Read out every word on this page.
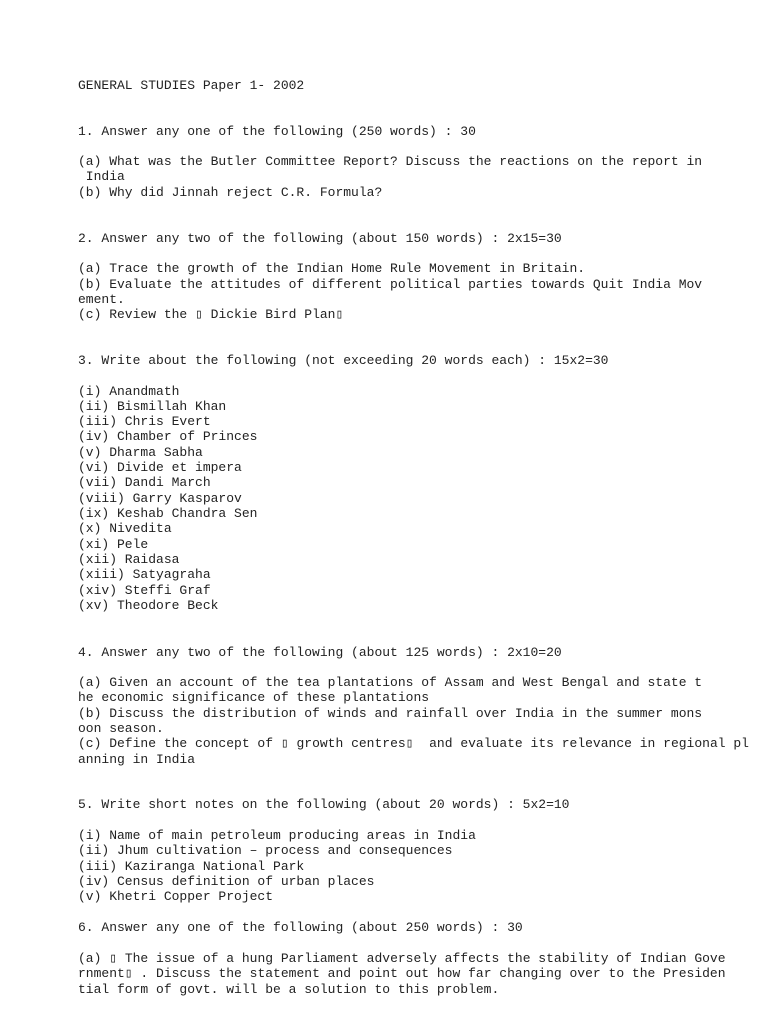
GENERAL STUDIES Paper 1- 2002

1. Answer any one of the following (250 words) : 30

(a) What was the Butler Committee Report? Discuss the reactions on the report in

India

(b) Why did Jinnah reject C.R. Formula?

2. Answer any two of the following (about 150 words) : 2x15=30

(a) Trace the growth of the Indian Home Rule Movement in Britain.

(b) Evaluate the attitudes of different political parties towards Quit India Mov

ement.

(c) Review the ▯ Dickie Bird Plan▯

3. Write about the following (not exceeding 20 words each) : 15x2=30

(i) Anandmath

(ii) Bismillah Khan

(iii) Chris Evert

(iv) Chamber of Princes

(v) Dharma Sabha

(vi) Divide et impera

(vii) Dandi March

(viii) Garry Kasparov

(ix) Keshab Chandra Sen

(x) Nivedita

(xi) Pele

(xii) Raidasa

(xiii) Satyagraha

(xiv) Steffi Graf

(xv) Theodore Beck

4. Answer any two of the following (about 125 words) : 2x10=20

(a) Given an account of the tea plantations of Assam and West Bengal and state t

he economic significance of these plantations

(b) Discuss the distribution of winds and rainfall over India in the summer mons

oon season.

(c) Define the concept of ▯ growth centres▯  and evaluate its relevance in regional pl

anning in India

5. Write short notes on the following (about 20 words) : 5x2=10

(i) Name of main petroleum producing areas in India

(ii) Jhum cultivation – process and consequences

(iii) Kaziranga National Park

(iv) Census definition of urban places

(v) Khetri Copper Project

6. Answer any one of the following (about 250 words) : 30

(a) ▯ The issue of a hung Parliament adversely affects the stability of Indian Gove

rnment▯ . Discuss the statement and point out how far changing over to the Presiden

tial form of govt. will be a solution to this problem.
